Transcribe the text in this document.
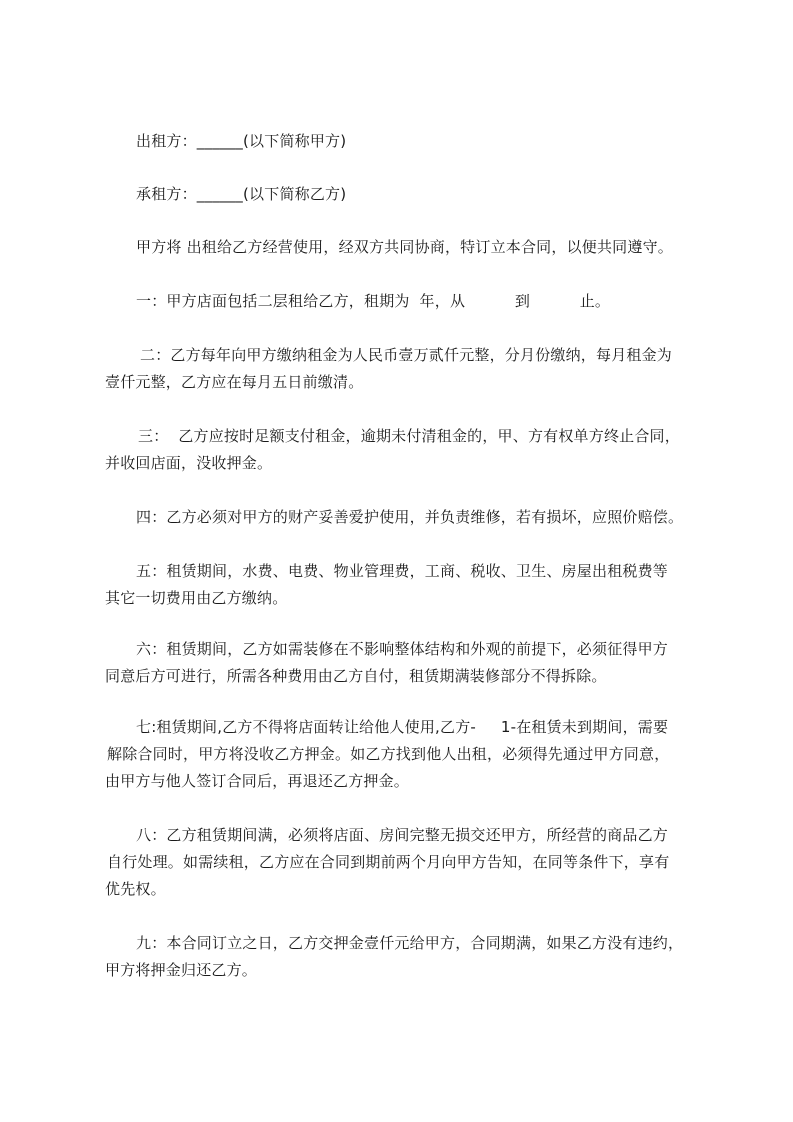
出租方：______(以下简称甲方)
承租方：______(以下简称乙方)
甲方将 出租给乙方经营使用，经双方共同协商，特订立本合同，以便共同遵守。
一：甲方店面包括二层租给乙方，租期为  年，从          到          止。
二：乙方每年向甲方缴纳租金为人民币壹万贰仟元整，分月份缴纳，每月租金为
壹仟元整，乙方应在每月五日前缴清。
三：  乙方应按时足额支付租金，逾期未付清租金的，甲、方有权单方终止合同，
并收回店面，没收押金。
四：乙方必须对甲方的财产妥善爱护使用，并负责维修，若有损坏，应照价赔偿。
五：租赁期间，水费、电费、物业管理费，工商、税收、卫生、房屋出租税费等
其它一切费用由乙方缴纳。
六：租赁期间，乙方如需装修在不影响整体结构和外观的前提下，必须征得甲方
同意后方可进行，所需各种费用由乙方自付，租赁期满装修部分不得拆除。
七:租赁期间,乙方不得将店面转让给他人使用,乙方-     1-在租赁未到期间，需要
解除合同时，甲方将没收乙方押金。如乙方找到他人出租，必须得先通过甲方同意，
由甲方与他人签订合同后，再退还乙方押金。
八：乙方租赁期间满，必须将店面、房间完整无损交还甲方，所经营的商品乙方
自行处理。如需续租，乙方应在合同到期前两个月向甲方告知，在同等条件下，享有
优先权。
九：本合同订立之日，乙方交押金壹仟元给甲方，合同期满，如果乙方没有违约，
甲方将押金归还乙方。
